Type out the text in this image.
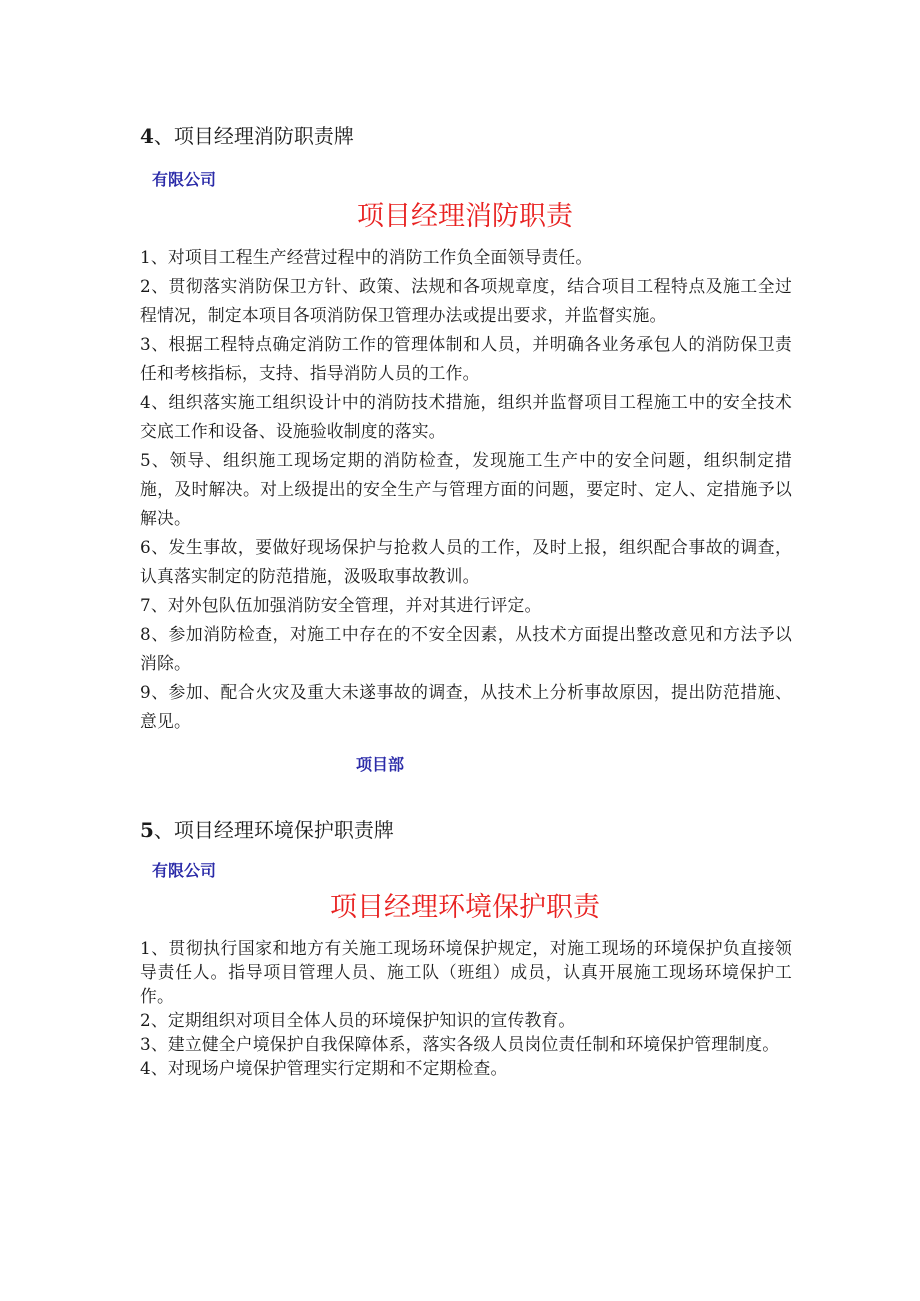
4、项目经理消防职责牌
有限公司
项目经理消防职责

1、对项目工程生产经营过程中的消防工作负全面领导责任。

2、贯彻落实消防保卫方针、政策、法规和各项规章度，结合项目工程特点及施工全过程情况，制定本项目各项消防保卫管理办法或提出要求，并监督实施。

3、根据工程特点确定消防工作的管理体制和人员，并明确各业务承包人的消防保卫责任和考核指标，支持、指导消防人员的工作。

4、组织落实施工组织设计中的消防技术措施，组织并监督项目工程施工中的安全技术交底工作和设备、设施验收制度的落实。

5、领导、组织施工现场定期的消防检查，发现施工生产中的安全问题，组织制定措施，及时解决。对上级提出的安全生产与管理方面的问题，要定时、定人、定措施予以解决。

6、发生事故，要做好现场保护与抢救人员的工作，及时上报，组织配合事故的调查，认真落实制定的防范措施，汲吸取事故教训。

7、对外包队伍加强消防安全管理，并对其进行评定。

8、参加消防检查，对施工中存在的不安全因素，从技术方面提出整改意见和方法予以消除。

9、参加、配合火灾及重大未遂事故的调查，从技术上分析事故原因，提出防范措施、意见。

项目部
5、项目经理环境保护职责牌
有限公司
项目经理环境保护职责

1、贯彻执行国家和地方有关施工现场环境保护规定，对施工现场的环境保护负直接领导责任人。指导项目管理人员、施工队（班组）成员，认真开展施工现场环境保护工作。

2、定期组织对项目全体人员的环境保护知识的宣传教育。

3、建立健全户境保护自我保障体系，落实各级人员岗位责任制和环境保护管理制度。

4、对现场户境保护管理实行定期和不定期检查。
